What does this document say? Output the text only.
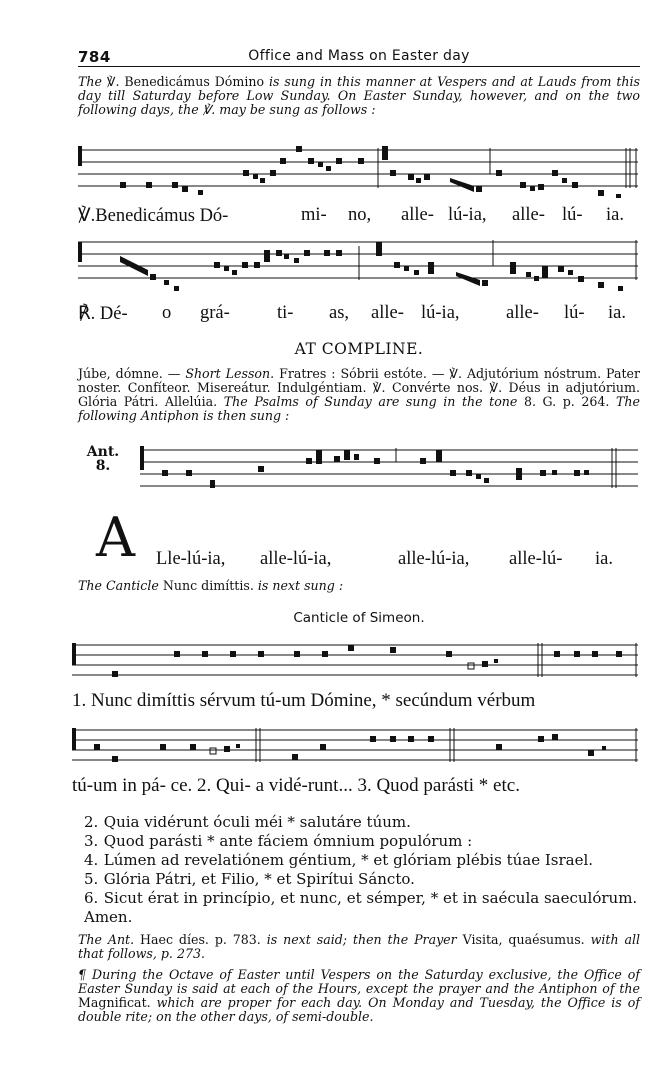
784	Office and Mass on Easter day

The ℣. Benedicámus Dómino is sung in this manner at Vespers and at Lauds from this day till Saturday before Low Sunday. On Easter Sunday, however, and on the two following days, the ℣. may be sung as follows :

℣.Benedicámus Dó-	mi- no, alle- lú-ia, alle- lú- ia.
℟. Dé- o grá-	ti- as, alle- lú-ia,	alle- lú- ia.
AT COMPLINE.

Júbe, dómne. — Short Lesson. Fratres : Sóbrii estóte. — ℣. Adjutórium nóstrum. Pater noster. Confíteor. Misereátur. Indulgéntiam. ℣. Convérte nos. ℣. Déus in adjutórium. Glória Pátri. Allelúia. The Psalms of Sunday are sung in the tone 8. G. p. 264. The following Antiphon is then sung :

Ant.
8.
A Lle-lú-ia, alle-lú-ia,	alle-lú-ia, alle-lú- ia.

The Canticle Nunc dimíttis. is next sung :

Canticle of Simeon.
1. Nunc dimíttis sérvum tú-um Dómine, * secúndum vérbum
tú-um in pá- ce. 2. Qui- a vidé-runt... 3. Quod parásti * etc.
2. Quia vidérunt óculi méi * salutáre túum.
3. Quod parásti * ante fáciem ómnium populórum :
4. Lúmen ad revelatiónem géntium, * et glóriam plébis túae Israel.
5. Glória Pátri, et Filio, * et Spirítui Sáncto.
6. Sicut érat in princípio, et nunc, et sémper, * et in saécula saeculórum. Amen.

The Ant. Haec díes. p. 783. is next said; then the Prayer Visita, quaésumus. with all that follows, p. 273.

¶ During the Octave of Easter until Vespers on the Saturday exclusive, the Office of Easter Sunday is said at each of the Hours, except the prayer and the Antiphon of the Magnificat. which are proper for each day. On Monday and Tuesday, the Office is of double rite; on the other days, of semi-double.
